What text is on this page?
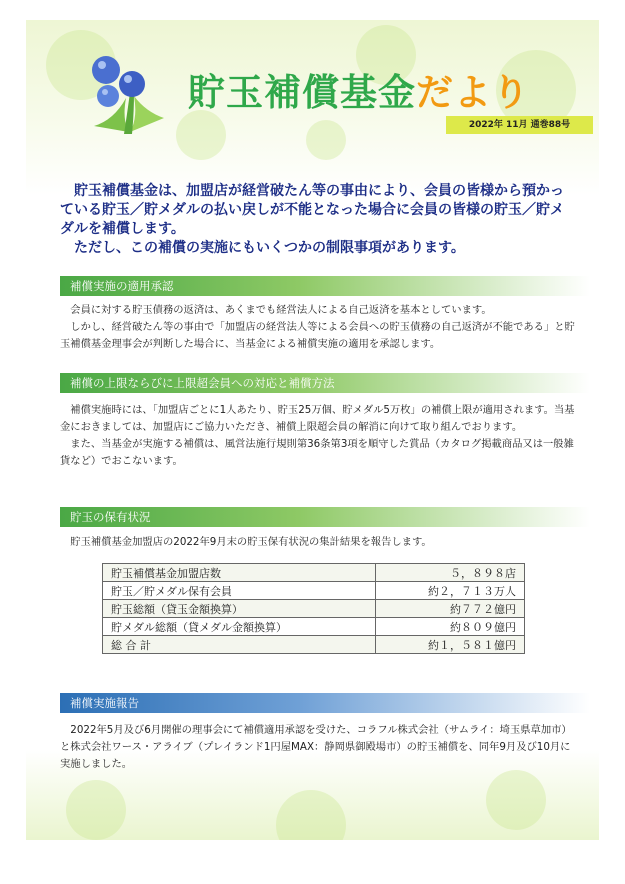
貯玉補償基金だより
2022年 11月 通巻88号

貯玉補償基金は、加盟店が経営破たん等の事由により、会員の皆様から預かっている貯玉／貯メダルの払い戻しが不能となった場合に会員の皆様の貯玉／貯メダルを補償します。

ただし、この補償の実施にもいくつかの制限事項があります。

補償実施の適用承認

会員に対する貯玉債務の返済は、あくまでも経営法人による自己返済を基本としています。

しかし、経営破たん等の事由で「加盟店の経営法人等による会員への貯玉債務の自己返済が不能である」と貯玉補償基金理事会が判断した場合に、当基金による補償実施の適用を承認します。

補償の上限ならびに上限超会員への対応と補償方法

補償実施時には、「加盟店ごとに1人あたり、貯玉25万個、貯メダル5万枚」の補償上限が適用されます。当基金におきましては、加盟店にご協力いただき、補償上限超会員の解消に向けて取り組んでおります。

また、当基金が実施する補償は、風営法施行規則第36条第3項を順守した賞品（カタログ掲載商品又は一般雑貨など）でおこないます。

貯玉の保有状況

貯玉補償基金加盟店の2022年9月末の貯玉保有状況の集計結果を報告します。

貯玉補償基金加盟店数	５，８９８店
貯玉／貯メダル保有会員	約２，７１３万人
貯玉総額（貸玉金額換算）	約７７２億円
貯メダル総額（貸メダル金額換算）	約８０９億円
総 合 計	約１，５８１億円
補償実施報告

2022年5月及び6月開催の理事会にて補償適用承認を受けた、コラフル株式会社（サムライ：埼玉県草加市）と株式会社ワース・アライブ（プレイランド1円屋MAX：静岡県御殿場市）の貯玉補償を、同年9月及び10月に実施しました。
